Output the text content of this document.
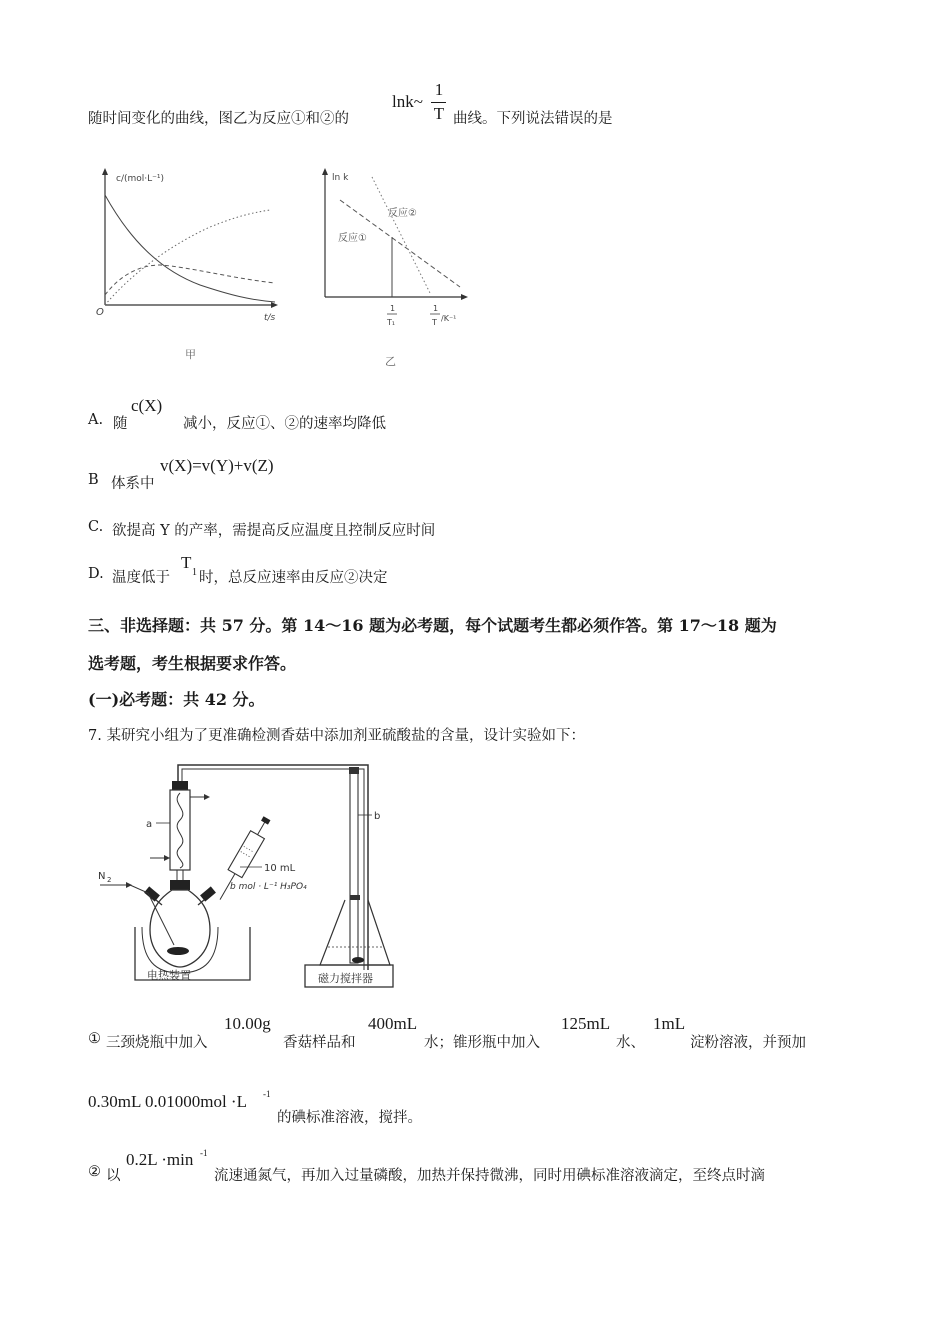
随时间变化的曲线，图乙为反应①和②的
lnk~
1
T 曲线。下列说法错误的是
c/(mol·L⁻¹)
O	t/s
甲
ln k
反应②
反应①
1
T₁
1
T /K⁻¹
乙
A. 随
c(X)
减小，反应①、②的速率均降低
B 体系中
v(X)=v(Y)+v(Z)
C. 欲提高 Y 的产率，需提高反应温度且控制反应时间
D. 温度低于
T
1 时，总反应速率由反应②决定
三、非选择题：共 57 分。第 14～16 题为必考题，每个试题考生都必须作答。第 17～18 题为
选考题，考生根据要求作答。
(一)必考题：共 42 分。
7. 某研究小组为了更准确检测香菇中添加剂亚硫酸盐的含量，设计实验如下：
a
N 2
10 mL
b mol · L⁻¹ H₃PO₄
电热装置
b
磁力搅拌器
① 三颈烧瓶中加入
10.00g
香菇样品和
400mL
水；锥形瓶中加入
125mL
水、
1mL
淀粉溶液，并预加
0.30mL 0.01000mol ·L -1
的碘标准溶液，搅拌。
② 以
0.2L ·min -1
流速通氮气，再加入过量磷酸，加热并保持微沸，同时用碘标准溶液滴定，至终点时滴
